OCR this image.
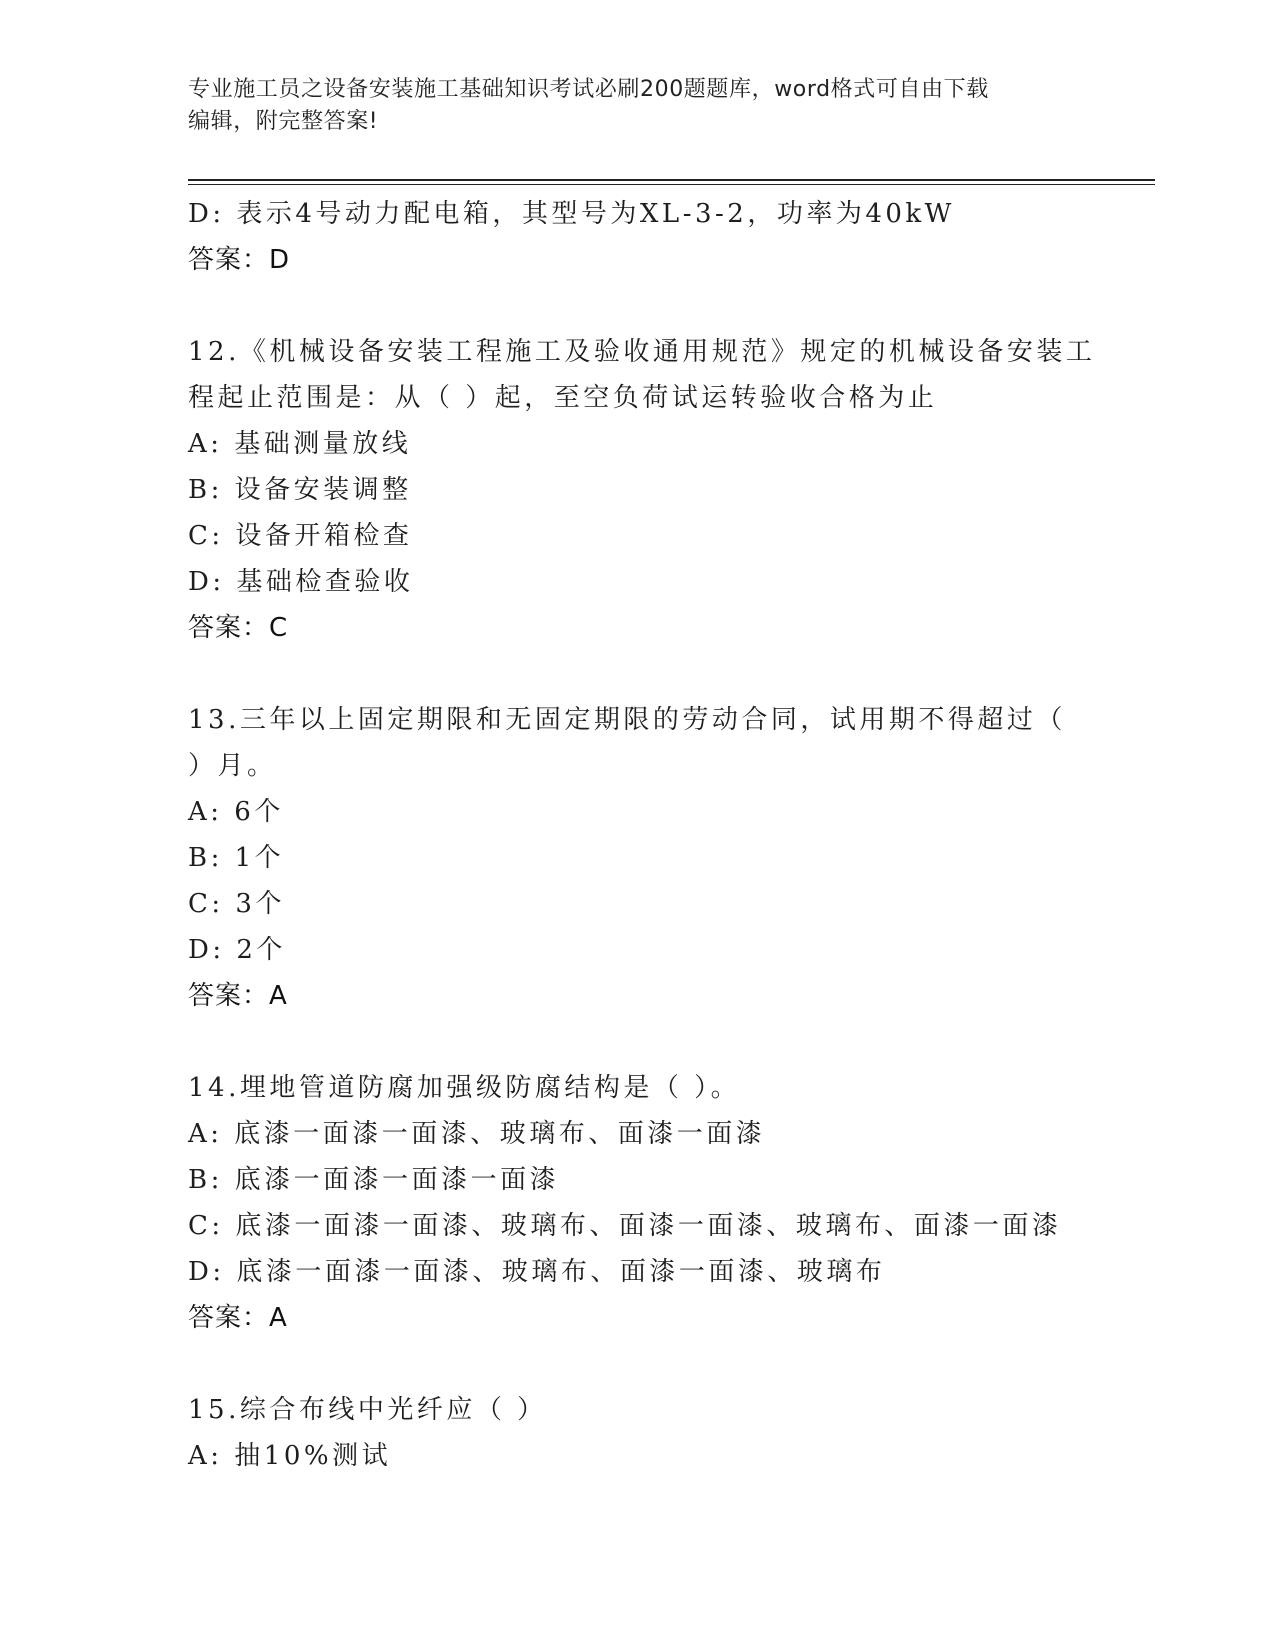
专业施工员之设备安装施工基础知识考试必刷200题题库，word格式可自由下载
编辑，附完整答案!
D: 表示4号动力配电箱，其型号为XL-3-2，功率为40kW
答案：D
12.《机械设备安装工程施工及验收通用规范》规定的机械设备安装工
程起止范围是：从（ ）起，至空负荷试运转验收合格为止
A: 基础测量放线
B: 设备安装调整
C: 设备开箱检查
D: 基础检查验收
答案：C
13.三年以上固定期限和无固定期限的劳动合同，试用期不得超过（
）月。
A: 6个
B: 1个
C: 3个
D: 2个
答案：A
14.埋地管道防腐加强级防腐结构是（ ）。
A: 底漆一面漆一面漆、玻璃布、面漆一面漆
B: 底漆一面漆一面漆一面漆
C: 底漆一面漆一面漆、玻璃布、面漆一面漆、玻璃布、面漆一面漆
D: 底漆一面漆一面漆、玻璃布、面漆一面漆、玻璃布
答案：A
15.综合布线中光纤应（ ）
A: 抽10%测试
